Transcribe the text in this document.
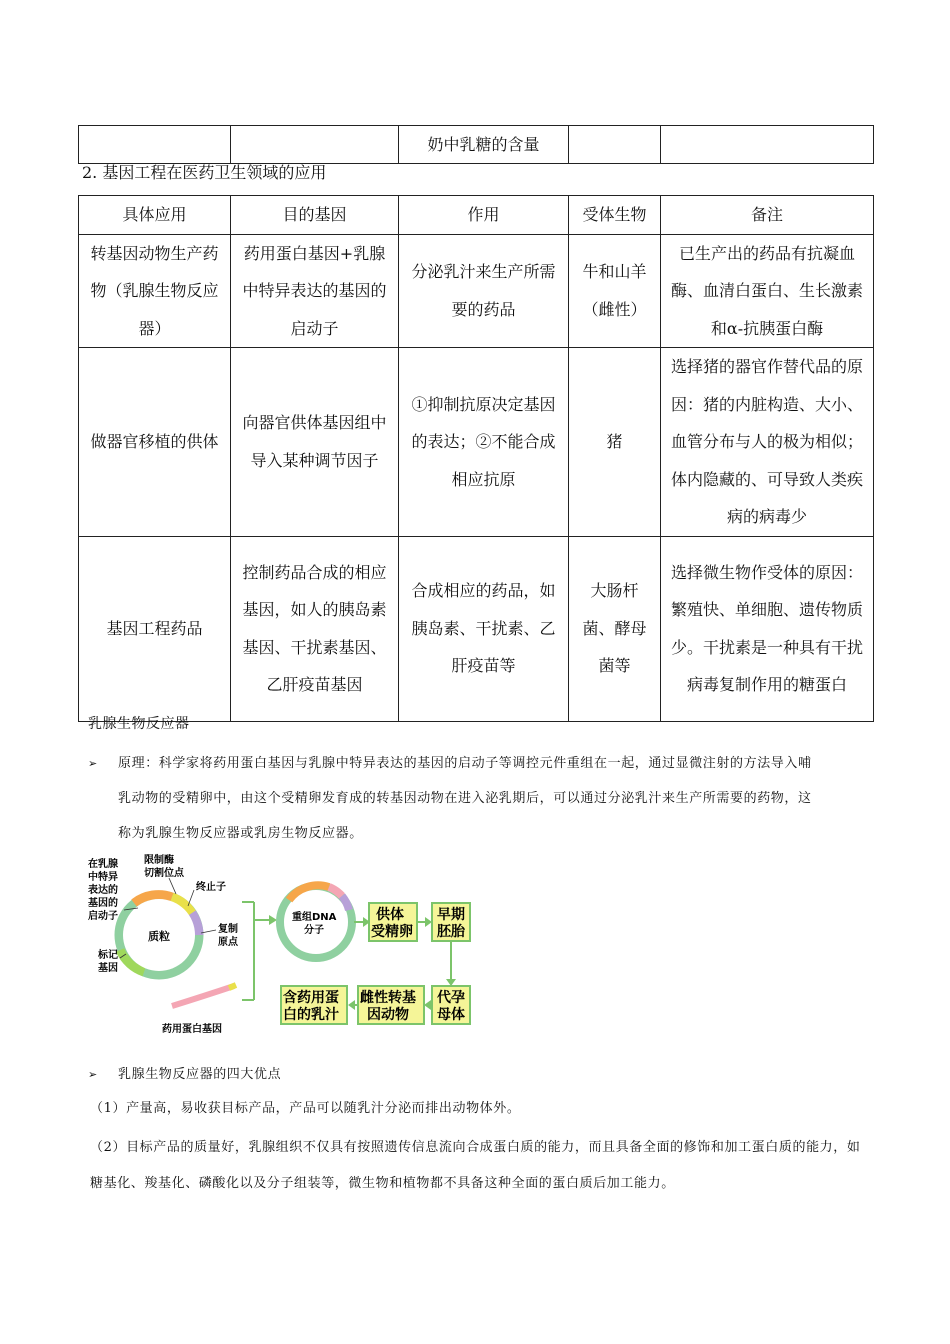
		奶中乳糖的含量		
2. 基因工程在医药卫生领域的应用
具体应用	目的基因	作用	受体生物	备注
转基因动物生产药物（乳腺生物反应器）	药用蛋白基因+乳腺中特异表达的基因的启动子	分泌乳汁来生产所需要的药品	牛和山羊（雌性）	已生产出的药品有抗凝血酶、血清白蛋白、生长激素和α-抗胰蛋白酶
做器官移植的供体	向器官供体基因组中导入某种调节因子	①抑制抗原决定基因的表达；②不能合成相应抗原	猪	选择猪的器官作替代品的原因：猪的内脏构造、大小、血管分布与人的极为相似；体内隐藏的、可导致人类疾病的病毒少
基因工程药品	控制药品合成的相应基因，如人的胰岛素基因、干扰素基因、乙肝疫苗基因	合成相应的药品，如胰岛素、干扰素、乙肝疫苗等	大肠杆菌、酵母菌等	选择微生物作受体的原因：繁殖快、单细胞、遗传物质少。干扰素是一种具有干扰病毒复制作用的糖蛋白
乳腺生物反应器
➢	原理：科学家将药用蛋白基因与乳腺中特异表达的基因的启动子等调控元件重组在一起，通过显微注射的方法导入哺
乳动物的受精卵中，由这个受精卵发育成的转基因动物在进入泌乳期后，可以通过分泌乳汁来生产所需要的药物，这
称为乳腺生物反应器或乳房生物反应器。
质粒
在乳腺
中特异
表达的
基因的
启动子
限制酶
切割位点
终止子
复制
原点
标记
基因
药用蛋白基因
重组DNA
分子
供体
受精卵
早期
胚胎
代孕
母体
雌性转基
因动物
含药用蛋
白的乳汁
➢ 乳腺生物反应器的四大优点
（1）产量高，易收获目标产品，产品可以随乳汁分泌而排出动物体外。
（2）目标产品的质量好，乳腺组织不仅具有按照遗传信息流向合成蛋白质的能力，而且具备全面的修饰和加工蛋白质的能力，如糖基化、羧基化、磷酸化以及分子组装等，微生物和植物都不具备这种全面的蛋白质后加工能力。
